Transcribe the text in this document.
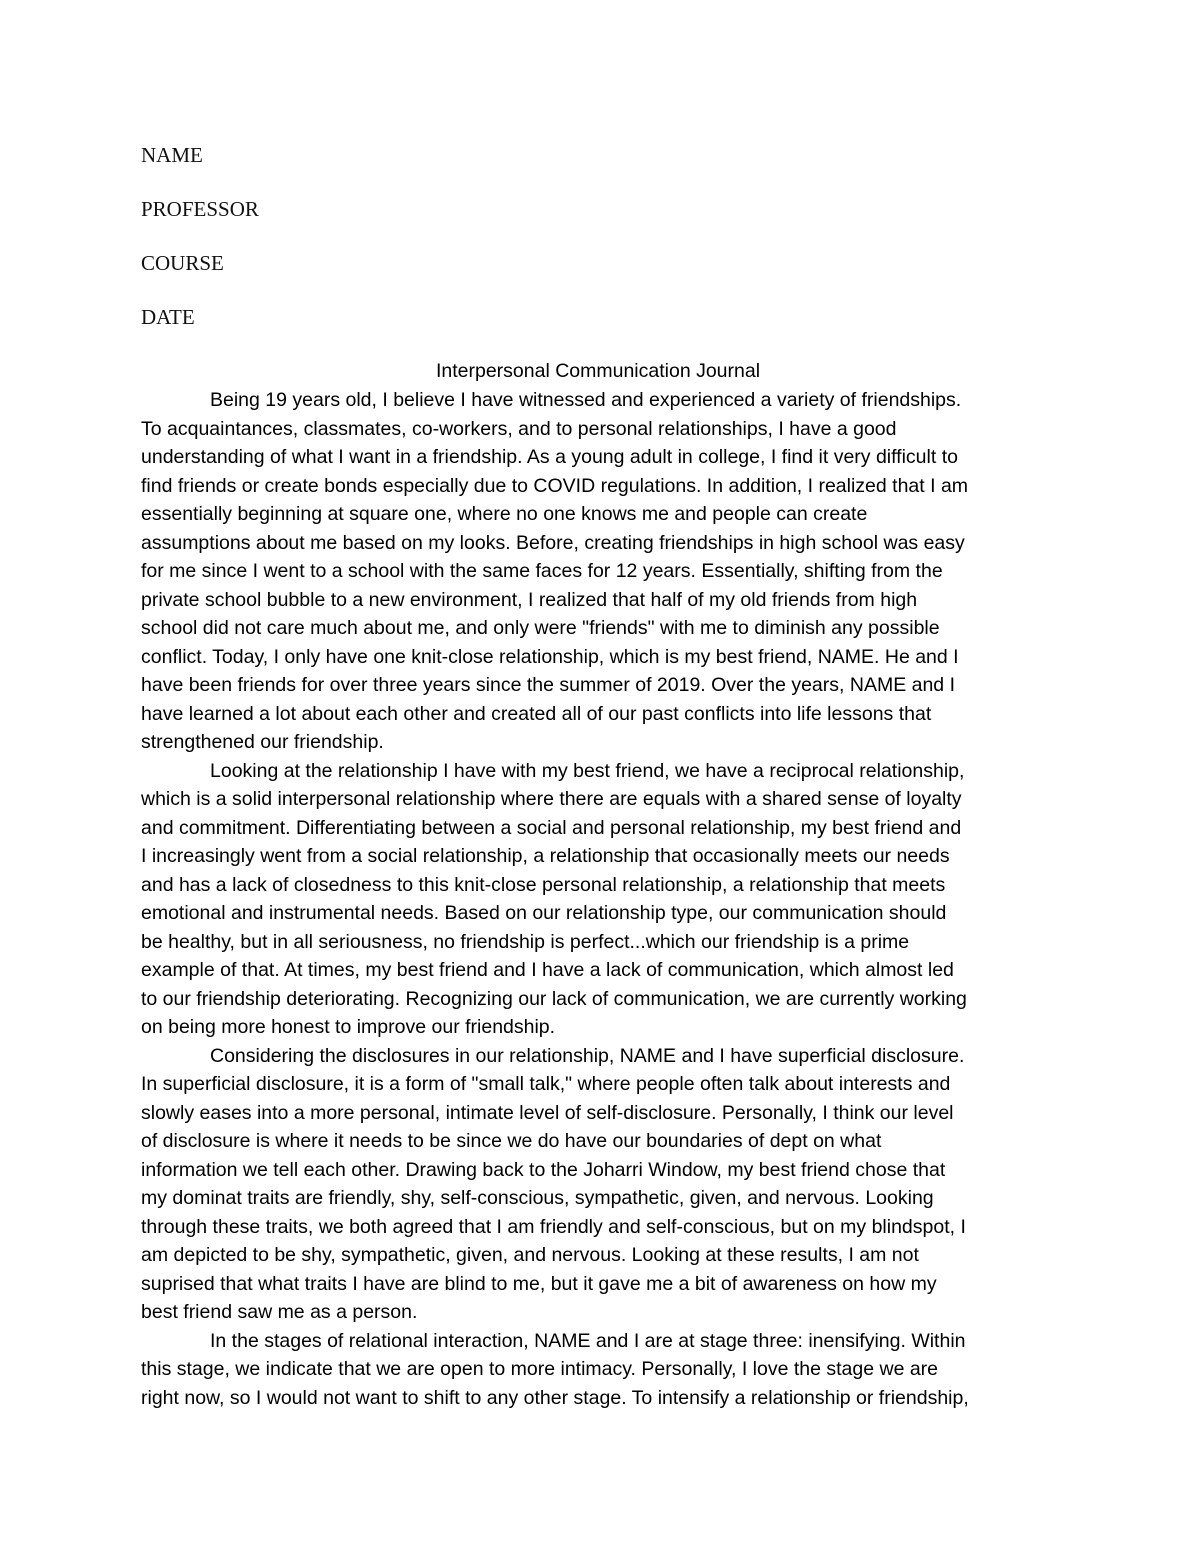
NAME
PROFESSOR
COURSE
DATE
Interpersonal Communication Journal

Being 19 years old, I believe I have witnessed and experienced a variety of friendships.
To acquaintances, classmates, co-workers, and to personal relationships, I have a good
understanding of what I want in a friendship. As a young adult in college, I find it very difficult to
find friends or create bonds especially due to COVID regulations. In addition, I realized that I am
essentially beginning at square one, where no one knows me and people can create
assumptions about me based on my looks. Before, creating friendships in high school was easy
for me since I went to a school with the same faces for 12 years. Essentially, shifting from the
private school bubble to a new environment, I realized that half of my old friends from high
school did not care much about me, and only were "friends" with me to diminish any possible
conflict. Today, I only have one knit-close relationship, which is my best friend, NAME. He and I
have been friends for over three years since the summer of 2019. Over the years, NAME and I
have learned a lot about each other and created all of our past conflicts into life lessons that
strengthened our friendship.

Looking at the relationship I have with my best friend, we have a reciprocal relationship,
which is a solid interpersonal relationship where there are equals with a shared sense of loyalty
and commitment. Differentiating between a social and personal relationship, my best friend and
I increasingly went from a social relationship, a relationship that occasionally meets our needs
and has a lack of closedness to this knit-close personal relationship, a relationship that meets
emotional and instrumental needs. Based on our relationship type, our communication should
be healthy, but in all seriousness, no friendship is perfect...which our friendship is a prime
example of that. At times, my best friend and I have a lack of communication, which almost led
to our friendship deteriorating. Recognizing our lack of communication, we are currently working
on being more honest to improve our friendship.

Considering the disclosures in our relationship, NAME and I have superficial disclosure.
In superficial disclosure, it is a form of "small talk," where people often talk about interests and
slowly eases into a more personal, intimate level of self-disclosure. Personally, I think our level
of disclosure is where it needs to be since we do have our boundaries of dept on what
information we tell each other. Drawing back to the Joharri Window, my best friend chose that
my dominat traits are friendly, shy, self-conscious, sympathetic, given, and nervous. Looking
through these traits, we both agreed that I am friendly and self-conscious, but on my blindspot, I
am depicted to be shy, sympathetic, given, and nervous. Looking at these results, I am not
suprised that what traits I have are blind to me, but it gave me a bit of awareness on how my
best friend saw me as a person.

In the stages of relational interaction, NAME and I are at stage three: inensifying. Within
this stage, we indicate that we are open to more intimacy. Personally, I love the stage we are
right now, so I would not want to shift to any other stage. To intensify a relationship or friendship,
